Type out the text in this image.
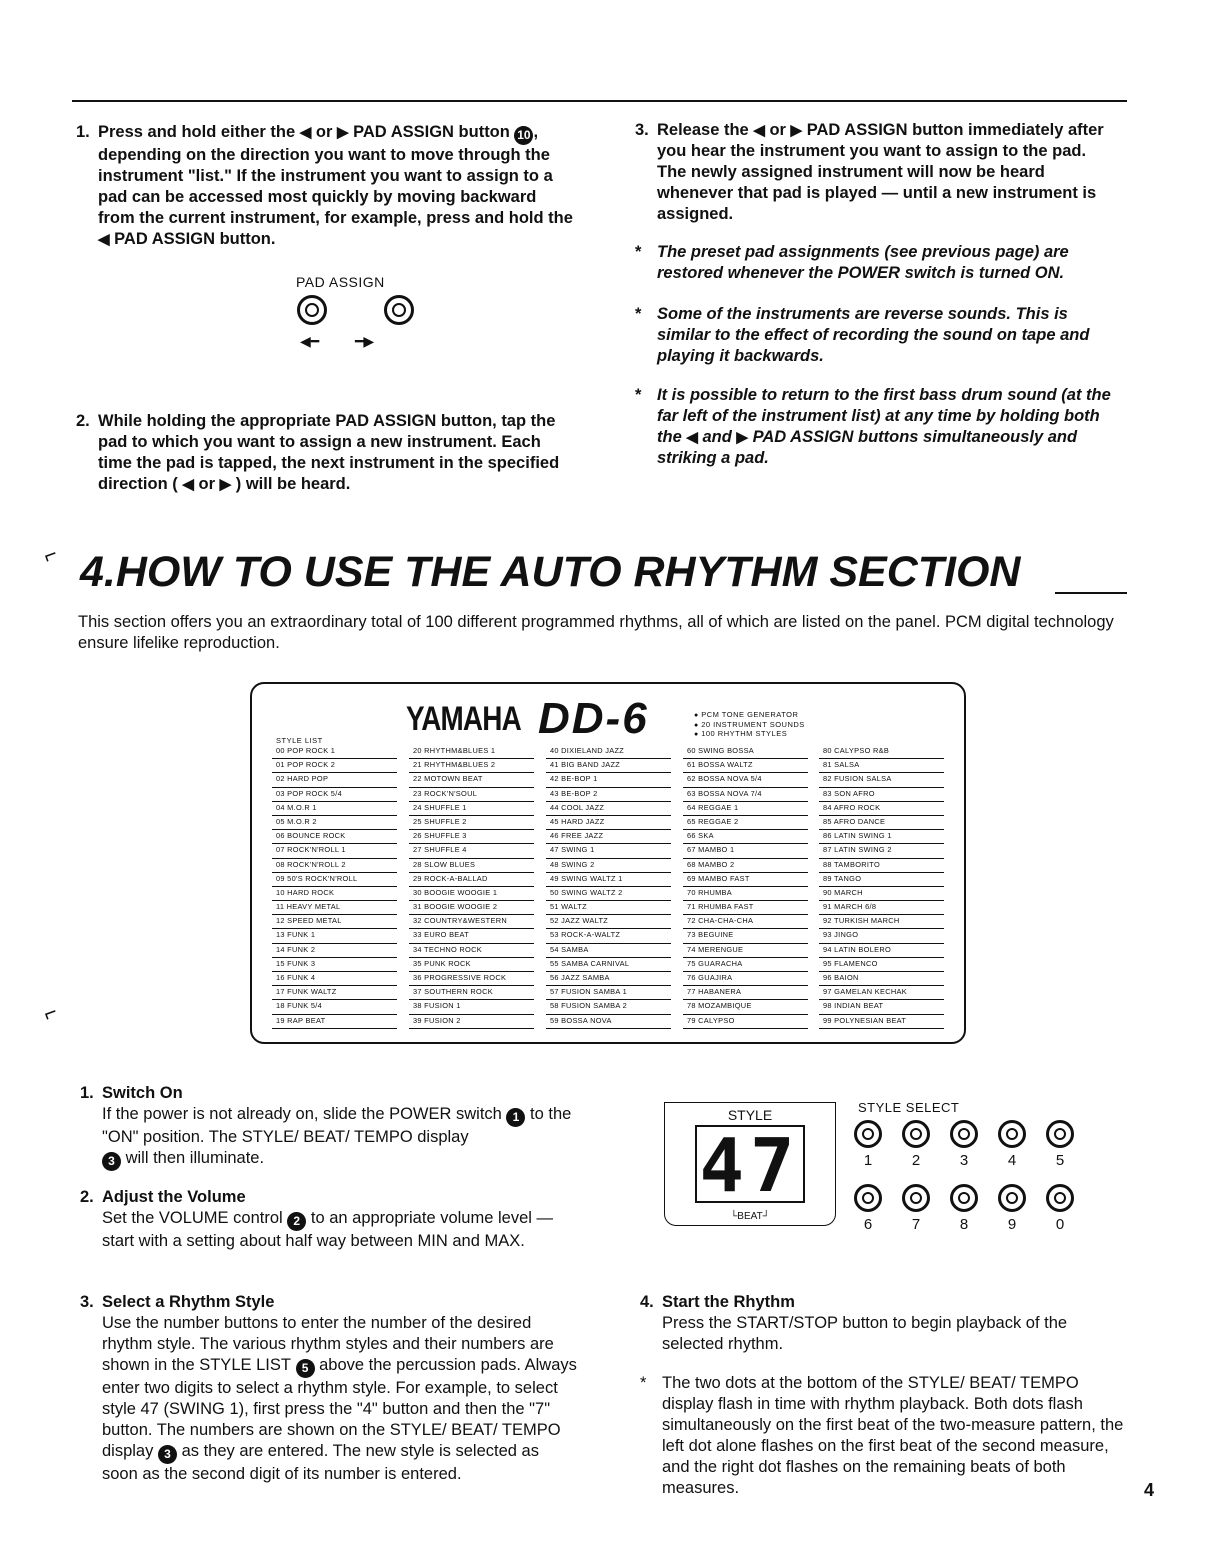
1. Press and hold either the ◀ or ▶ PAD ASSIGN button 10 , depending on the direction you want to move through the instrument "list." If the instrument you want to assign to a pad can be accessed most quickly by moving backward from the current instrument, for example, press and hold the ◀ PAD ASSIGN button.
PAD ASSIGN

◀━	━▶
2. While holding the appropriate PAD ASSIGN button, tap the pad to which you want to assign a new instrument. Each time the pad is tapped, the next instrument in the specified direction ( ◀ or ▶ ) will be heard.
3. Release the ◀ or ▶ PAD ASSIGN button immediately after you hear the instrument you want to assign to the pad. The newly assigned instrument will now be heard whenever that pad is played — until a new instrument is assigned.
* The preset pad assignments (see previous page) are restored whenever the POWER switch is turned ON.
* Some of the instruments are reverse sounds. This is similar to the effect of recording the sound on tape and playing it backwards.
* It is possible to return to the first bass drum sound (at the far left of the instrument list) at any time by holding both the ◀ and ▶ PAD ASSIGN buttons simultaneously and striking a pad.
⌐ 4.HOW TO USE THE AUTO RHYTHM SECTION
This section offers you an extraordinary total of 100 different programmed rhythms, all of which are listed on the panel. PCM digital technology ensure lifelike reproduction.
YAMAHA DD-6
●	PCM TONE GENERATOR
● 20 INSTRUMENT SOUNDS
● 100 RHYTHM STYLES
STYLE LIST
00 POP ROCK 1
01 POP ROCK 2
02 HARD POP
03 POP ROCK 5/4
04 M.O.R 1
05 M.O.R 2
06 BOUNCE ROCK
07 ROCK'N'ROLL 1
08 ROCK'N'ROLL 2
09 50'S ROCK'N'ROLL
10 HARD ROCK
11 HEAVY METAL
12 SPEED METAL
13 FUNK 1
14 FUNK 2
15 FUNK 3
16 FUNK 4
17 FUNK WALTZ
18 FUNK 5/4
19 RAP BEAT
20 RHYTHM&BLUES 1
21 RHYTHM&BLUES 2
22 MOTOWN BEAT
23 ROCK'N'SOUL
24 SHUFFLE 1
25 SHUFFLE 2
26 SHUFFLE 3
27 SHUFFLE 4
28 SLOW BLUES
29 ROCK-A-BALLAD
30 BOOGIE WOOGIE 1
31 BOOGIE WOOGIE 2
32 COUNTRY&WESTERN
33 EURO BEAT
34 TECHNO ROCK
35 PUNK ROCK
36 PROGRESSIVE ROCK
37 SOUTHERN ROCK
38 FUSION 1
39 FUSION 2
40 DIXIELAND JAZZ
41 BIG BAND JAZZ
42 BE-BOP 1
43 BE-BOP 2
44 COOL JAZZ
45 HARD JAZZ
46 FREE JAZZ
47 SWING 1
48 SWING 2
49 SWING WALTZ 1
50 SWING WALTZ 2
51 WALTZ
52 JAZZ WALTZ
53 ROCK-A-WALTZ
54 SAMBA
55 SAMBA CARNIVAL
56 JAZZ SAMBA
57 FUSION SAMBA 1
58 FUSION SAMBA 2
59 BOSSA NOVA
60 SWING BOSSA
61 BOSSA WALTZ
62 BOSSA NOVA 5/4
63 BOSSA NOVA 7/4
64 REGGAE 1
65 REGGAE 2
66 SKA
67 MAMBO 1
68 MAMBO 2
69 MAMBO FAST
70 RHUMBA
71 RHUMBA FAST
72 CHA-CHA-CHA
73 BEGUINE
74 MERENGUE
75 GUARACHA
76 GUAJIRA
77 HABANERA
78 MOZAMBIQUE
79 CALYPSO
80 CALYPSO R&B
81 SALSA
82 FUSION SALSA
83 SON AFRO
84 AFRO ROCK
85 AFRO DANCE
86 LATIN SWING 1
87 LATIN SWING 2
88 TAMBORITO
89 TANGO
90 MARCH
91 MARCH 6/8
92 TURKISH MARCH
93 JINGO
94 LATIN BOLERO
95 FLAMENCO
96 BAION
97 GAMELAN KECHAK
98 INDIAN BEAT
99 POLYNESIAN BEAT
⌐
1. Switch On
If the power is not already on, slide the POWER switch 1 to the "ON" position. The STYLE/ BEAT/ TEMPO display
3 will then illuminate.
2. Adjust the Volume
Set the VOLUME control 2 to an appropriate volume level — start with a setting about half way between MIN and MAX.
3. Select a Rhythm Style
Use the number buttons to enter the number of the desired rhythm style. The various rhythm styles and their numbers are shown in the STYLE LIST 5 above the percussion pads. Always enter two digits to select a rhythm style. For example, to select style 47 (SWING 1), first press the "4" button and then the "7" button. The numbers are shown on the STYLE/ BEAT/ TEMPO display 3 as they are entered. The new style is selected as soon as the second digit of its number is entered.
STYLE
47
└BEAT┘
STYLE SELECT
1	2	3	4	5
6	7	8	9	0
4. Start the Rhythm
Press the START/STOP button to begin playback of the selected rhythm.
* The two dots at the bottom of the STYLE/ BEAT/ TEMPO display flash in time with rhythm playback. Both dots flash simultaneously on the first beat of the two-measure pattern, the left dot alone flashes on the first beat of the second measure, and the right dot flashes on the remaining beats of both measures.	4
